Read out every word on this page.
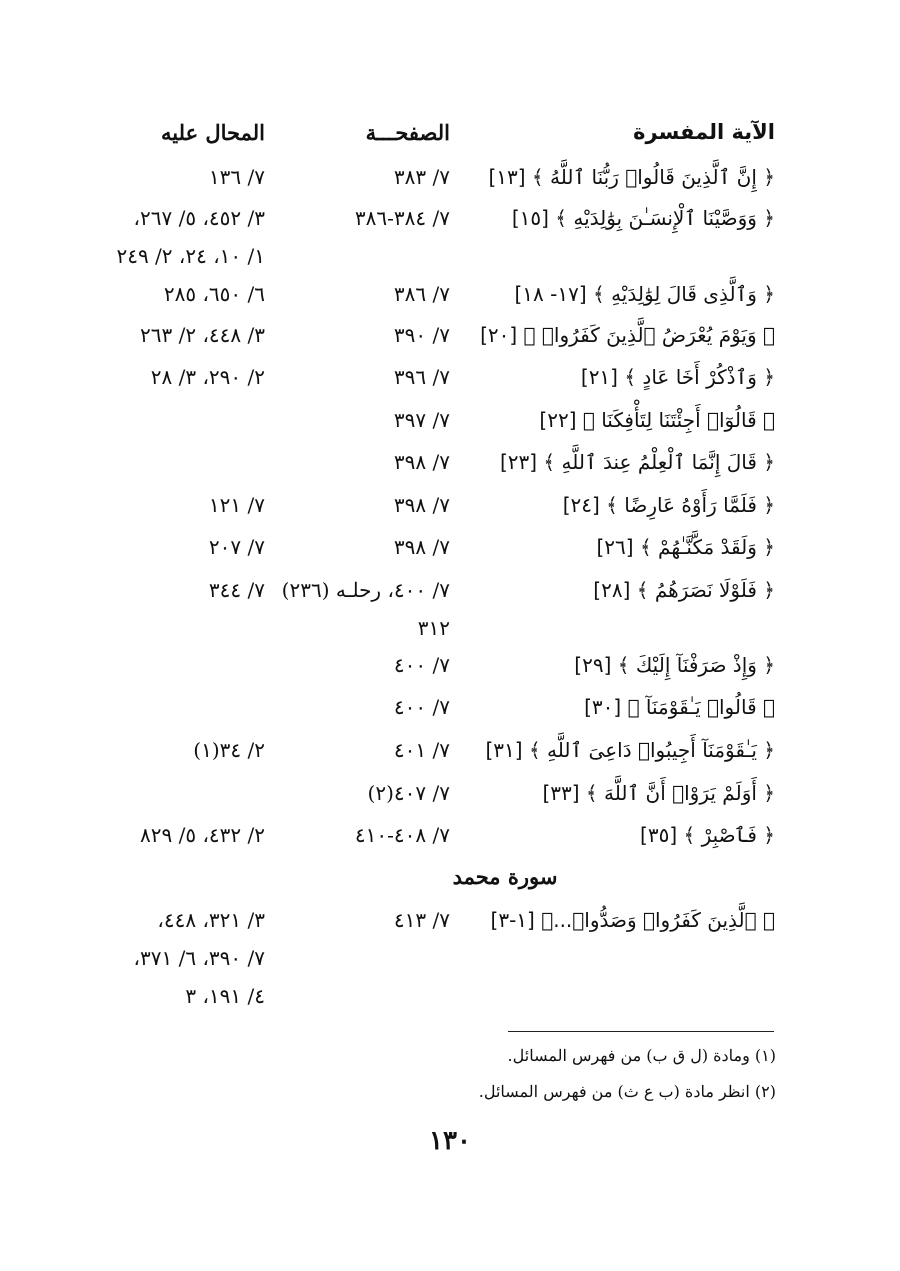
الآية المفسرة
الصفحـــة
المحال عليه
﴿ إِنَّ ٱلَّذِينَ قَالُوا۟ رَبُّنَا ٱللَّهُ ﴾ [١٣]
٧/ ٣٨٣
٧/ ١٣٦
﴿ وَوَصَّيْنَا ٱلْإِنسَـٰنَ بِوَٰلِدَيْهِ ﴾ [١٥]
٧/ ٣٨٤-٣٨٦
٣/ ٤٥٢، ٥/ ٢٦٧،
١/ ١٠، ٢٤، ٢/ ٢٤٩
﴿ وَٱلَّذِى قَالَ لِوَٰلِدَيْهِ ﴾ [١٧- ١٨]
٧/ ٣٨٦
٦/ ٦٥٠، ٢٨٥
﴿ وَيَوْمَ يُعْرَضُ ٱلَّذِينَ كَفَرُوا۟ ﴾ [٢٠]
٧/ ٣٩٠
٣/ ٤٤٨، ٢/ ٢٦٣
﴿ وَٱذْكُرْ أَخَا عَادٍ ﴾ [٢١]
٧/ ٣٩٦
٢/ ٢٩٠، ٣/ ٢٨
﴿ قَالُوٓا۟ أَجِئْتَنَا لِتَأْفِكَنَا ﴾ [٢٢]
٧/ ٣٩٧
﴿ قَالَ إِنَّمَا ٱلْعِلْمُ عِندَ ٱللَّهِ ﴾ [٢٣]
٧/ ٣٩٨
﴿ فَلَمَّا رَأَوْهُ عَارِضًا ﴾ [٢٤]
٧/ ٣٩٨
٧/ ١٢١
﴿ وَلَقَدْ مَكَّنَّـٰهُمْ ﴾ [٢٦]
٧/ ٣٩٨
٧/ ٢٠٧
﴿ فَلَوْلَا نَصَرَهُمُ ﴾ [٢٨]
٧/ ٤٠٠، رحلـه (٢٣٦)
٣١٢
٧/ ٣٤٤
﴿ وَإِذْ صَرَفْنَآ إِلَيْكَ ﴾ [٢٩]
٧/ ٤٠٠
﴿ قَالُوا۟ يَـٰقَوْمَنَآ ﴾ [٣٠]
٧/ ٤٠٠
﴿ يَـٰقَوْمَنَآ أَجِيبُوا۟ دَاعِىَ ٱللَّهِ ﴾ [٣١]
٧/ ٤٠١
٢/ ٣٤(١)
﴿ أَوَلَمْ يَرَوْا۟ أَنَّ ٱللَّهَ ﴾ [٣٣]
٧/ ٤٠٧(٢)
﴿ فَٱصْبِرْ ﴾ [٣٥]
٧/ ٤٠٨-٤١٠
٢/ ٤٣٢، ٥/ ٨٢٩
سورة محمد
﴿ ٱلَّذِينَ كَفَرُوا۟ وَصَدُّوا۟...﴾ [١-٣]
٧/ ٤١٣
٣/ ٣٢١، ٤٤٨،
٧/ ٣٩٠، ٦/ ٣٧١،
٤/ ١٩١، ٣
(١) ومادة (ل ق ب) من فهرس المسائل.
(٢) انظر مادة (ب ع ث) من فهرس المسائل.
١٣٠
